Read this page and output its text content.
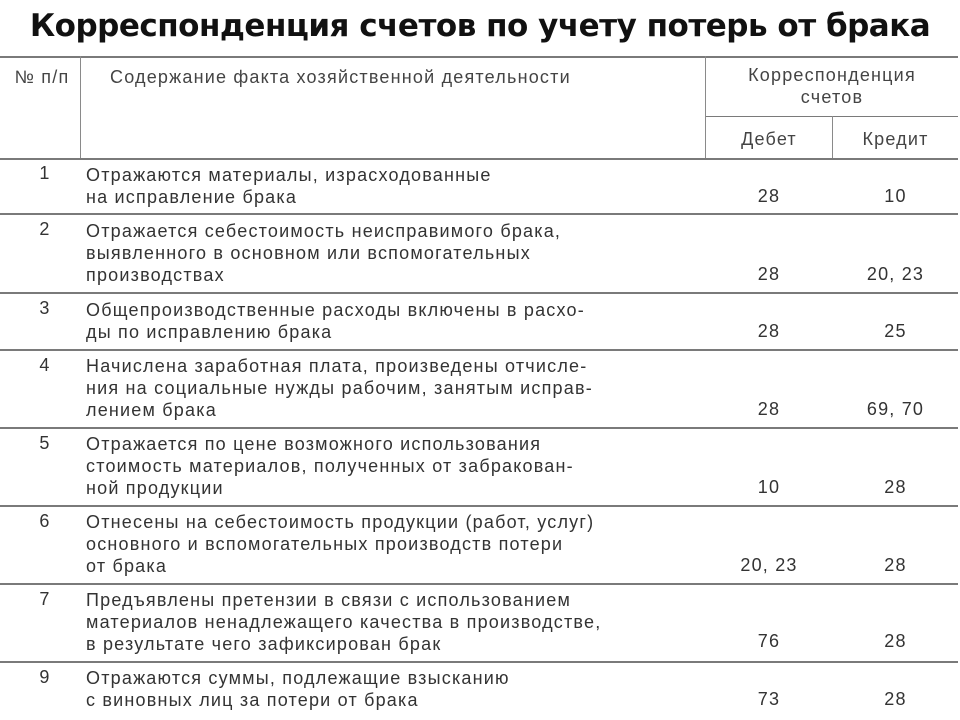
Корреспонденция счетов по учету потерь от брака
№ п/п	Содержание факта хозяйственной деятельности	Корреспонденция
счетов
Дебет	Кредит
1	Отражаются материалы, израсходованные
на исправление брака	28	10
2	Отражается себестоимость неисправимого брака,
выявленного в основном или вспомогательных
производствах	28	20, 23
3	Общепроизводственные расходы включены в расхо-
ды по исправлению брака	28	25
4	Начислена заработная плата, произведены отчисле-
ния на социальные нужды рабочим, занятым исправ-
лением брака	28	69, 70
5	Отражается по цене возможного использования
стоимость материалов, полученных от забракован-
ной продукции	10	28
6	Отнесены на себестоимость продукции (работ, услуг)
основного и вспомогательных производств потери
от брака	20, 23	28
7	Предъявлены претензии в связи с использованием
материалов ненадлежащего качества в производстве,
в результате чего зафиксирован брак	76	28
9	Отражаются суммы, подлежащие взысканию
с виновных лиц за потери от брака	73	28
